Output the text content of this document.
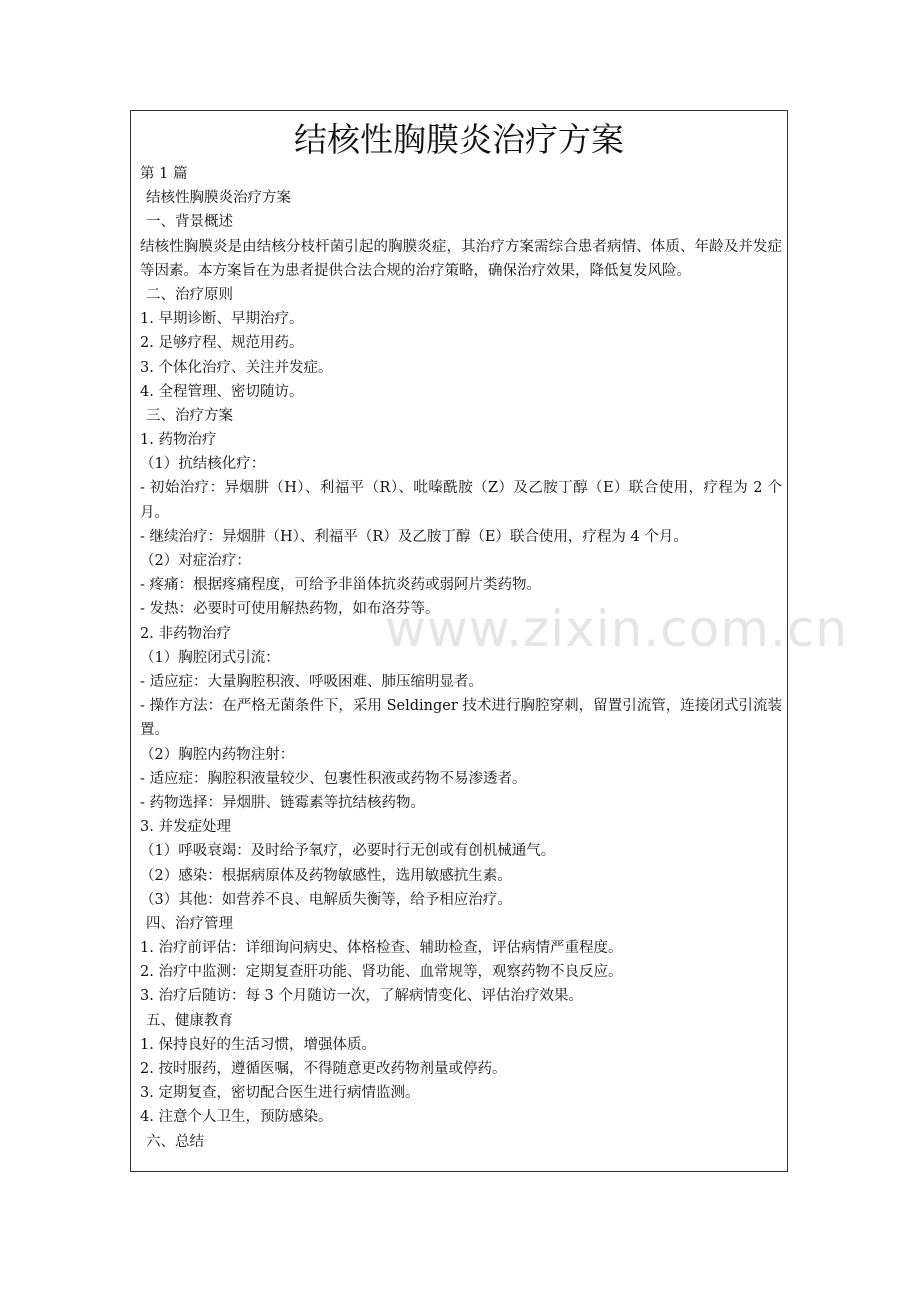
结核性胸膜炎治疗方案
第 1 篇
结核性胸膜炎治疗方案
一、背景概述
结核性胸膜炎是由结核分枝杆菌引起的胸膜炎症，其治疗方案需综合患者病情、体质、年龄及并发症等因素。本方案旨在为患者提供合法合规的治疗策略，确保治疗效果，降低复发风险。
二、治疗原则
1. 早期诊断、早期治疗。
2. 足够疗程、规范用药。
3. 个体化治疗、关注并发症。
4. 全程管理、密切随访。
三、治疗方案
1. 药物治疗
（1）抗结核化疗：
- 初始治疗：异烟肼（H）、利福平（R）、吡嗪酰胺（Z）及乙胺丁醇（E）联合使用，疗程为 2 个月。
- 继续治疗：异烟肼（H）、利福平（R）及乙胺丁醇（E）联合使用，疗程为 4 个月。
（2）对症治疗：
- 疼痛：根据疼痛程度，可给予非甾体抗炎药或弱阿片类药物。
- 发热：必要时可使用解热药物，如布洛芬等。
2. 非药物治疗
（1）胸腔闭式引流：
- 适应症：大量胸腔积液、呼吸困难、肺压缩明显者。
- 操作方法：在严格无菌条件下，采用 Seldinger 技术进行胸腔穿刺，留置引流管，连接闭式引流装置。
（2）胸腔内药物注射：
- 适应症：胸腔积液量较少、包裹性积液或药物不易渗透者。
- 药物选择：异烟肼、链霉素等抗结核药物。
3. 并发症处理
（1）呼吸衰竭：及时给予氧疗，必要时行无创或有创机械通气。
（2）感染：根据病原体及药物敏感性，选用敏感抗生素。
（3）其他：如营养不良、电解质失衡等，给予相应治疗。
四、治疗管理
1. 治疗前评估：详细询问病史、体格检查、辅助检查，评估病情严重程度。
2. 治疗中监测：定期复查肝功能、肾功能、血常规等，观察药物不良反应。
3. 治疗后随访：每 3 个月随访一次，了解病情变化、评估治疗效果。
五、健康教育
1. 保持良好的生活习惯，增强体质。
2. 按时服药，遵循医嘱，不得随意更改药物剂量或停药。
3. 定期复查，密切配合医生进行病情监测。
4. 注意个人卫生，预防感染。
六、总结
www.zixin.com.cn
